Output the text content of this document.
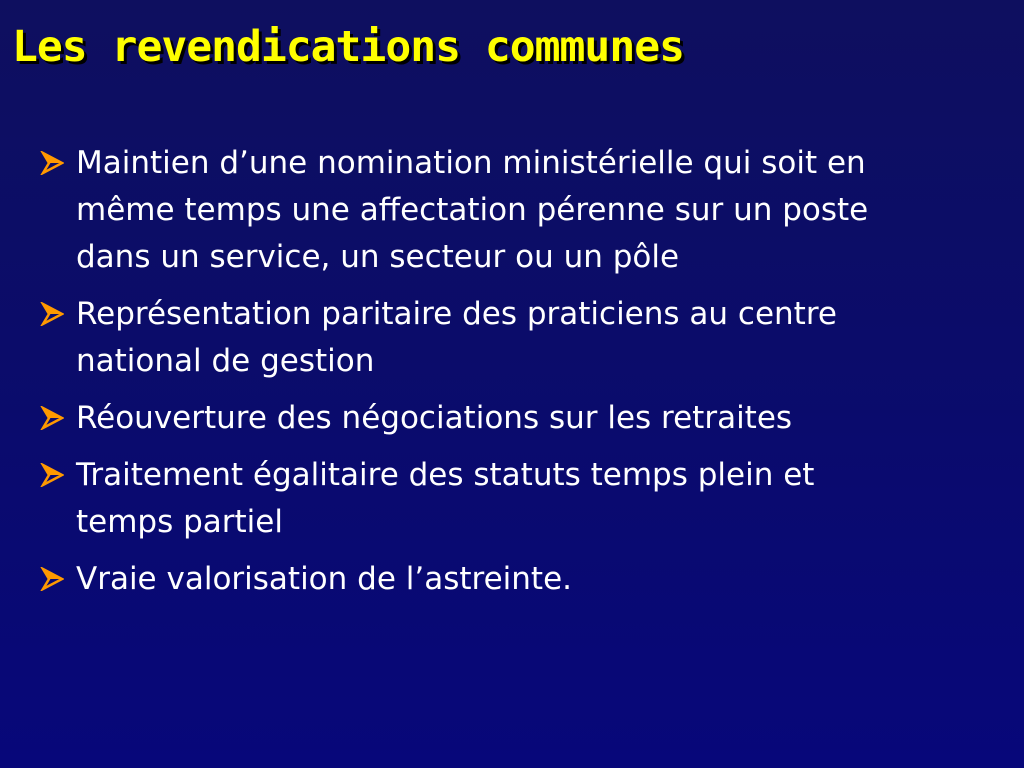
Les revendications communes
Maintien d’une nomination ministérielle qui soit en
même temps une affectation pérenne sur un poste
dans un service, un secteur ou un pôle
Représentation paritaire des praticiens au centre
national de gestion
Réouverture des négociations sur les retraites
Traitement égalitaire des statuts temps plein et
temps partiel
Vraie valorisation de l’astreinte.
